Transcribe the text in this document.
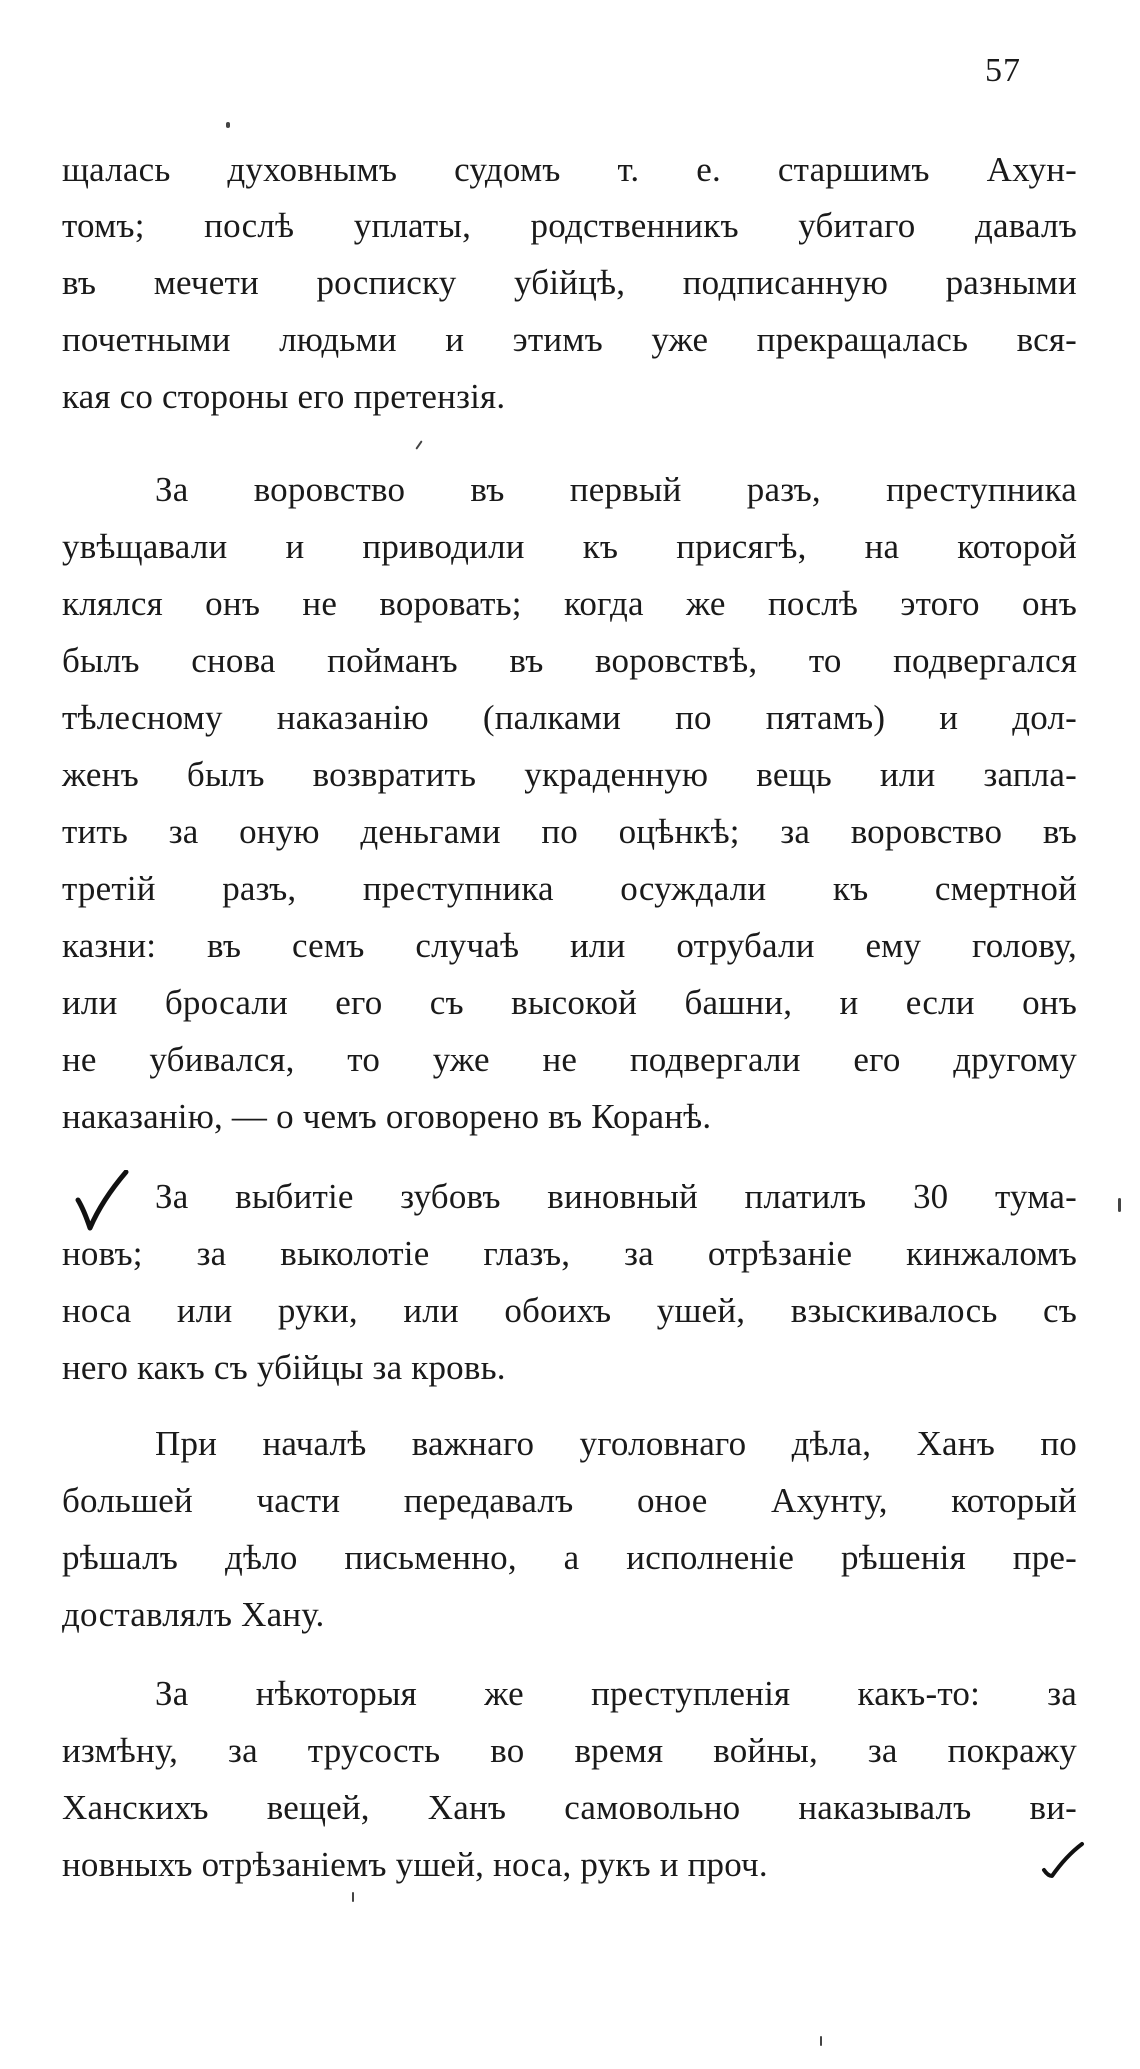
57
щалась духовнымъ судомъ т. е. старшимъ Ахун-
томъ; послѣ уплаты, родственникъ убитаго давалъ
въ мечети росписку убійцѣ, подписанную разными
почетными людьми и этимъ уже прекращалась вся-
кая со стороны его претензія.
За воровство въ первый разъ, преступника
увѣщавали и приводили къ присягѣ, на которой
клялся онъ не воровать; когда же послѣ этого онъ
былъ снова пойманъ въ воровствѣ, то подвергался
тѣлесному наказанію (палками по пятамъ) и дол-
женъ былъ возвратить украденную вещь или запла-
тить за оную деньгами по оцѣнкѣ; за воровство въ
третій разъ, преступника осуждали къ смертной
казни: въ семъ случаѣ или отрубали ему голову,
или бросали его съ высокой башни, и если онъ
не убивался, то уже не подвергали его другому
наказанію, — о чемъ оговорено въ Коранѣ.
За выбитіе зубовъ виновный платилъ 30 тума-
новъ; за выколотіе глазъ, за отрѣзаніе кинжаломъ
носа или руки, или обоихъ ушей, взыскивалось съ
него какъ съ убійцы за кровь.
При началѣ важнаго уголовнаго дѣла, Ханъ по
большей части передавалъ оное Ахунту, который
рѣшалъ дѣло письменно, а исполненіе рѣшенія пре-
доставлялъ Хану.
За нѣкоторыя же преступленія какъ-то: за
измѣну, за трусость во время войны, за покражу
Ханскихъ вещей, Ханъ самовольно наказывалъ ви-
новныхъ отрѣзаніемъ ушей, носа, рукъ и проч.
